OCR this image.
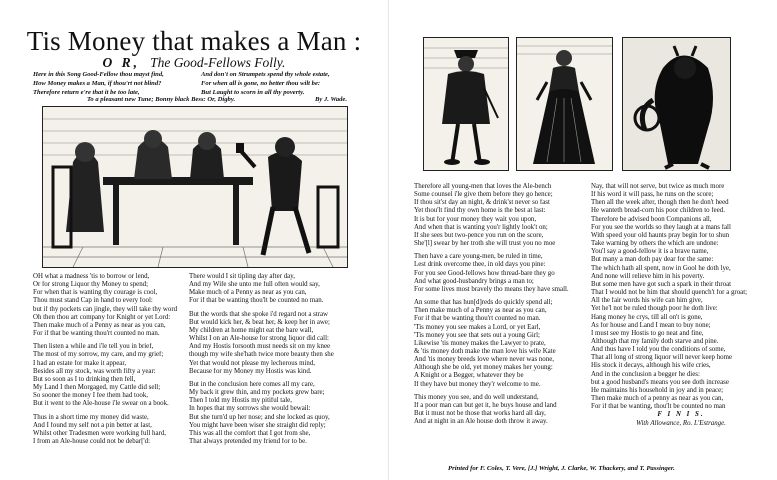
Tis Money that makes a Man :
O R, The Good-Fellows Folly.
Here in this Song Good-Fellow thou mayst find,
How Money makes a Man, if thou'rt not blind?
Therefore return e're that it be too late,
And don't on Strumpets spend thy whole estate,
For when all is gone, no better thou wilt be:
But Laught to scorn in all thy poverty.
To a pleasant new Tune; Bonny black Bess: Or, Digby.	By J. Wade.
OH what a madness 'tis to borrow or lend,
Or for strong Liquor thy Money to spend;
For when that is wanting thy courage is cool,
Thou must stand Cap in hand to every fool:
but if thy pockets can jingle, they will take thy word
Oh then thou art company for Knight or yet Lord:
Then make much of a Penny as near as you can,
For if that be wanting thou'rt counted no man.
Then listen a while and i'le tell you in brief,
The most of my sorrow, my care, and my grief;
I had an estate for make it appear,
Besides all my stock, was worth fifty a year:
But so soon as I to drinking then fell,
My Land I then Morgaged, my Cattle did sell;
So sooner the money I fee them had took,
But it went to the Ale-house i'le swear on a book.
Thus in a short time my money did waste,
And I found my self not a pin better at last,
Whilst other Tradesmen were working full hard,
I from an Ale-house could not be debar['d:
There would I sit tipling day after day,
And my Wife she unto me full often would say,
Make much of a Penny as near as you can,
For if that be wanting thou'lt be counted no man.
But the words that she spoke i'd regard not a straw
But would kick her, & beat her, & keep her in awe;
My children at home might eat the bare wall,
Whilst I on an Ale-house for strong liquor did call:
And my Hostis forsooth must needs sit on my knee
though my wife she'hath twice more beauty then she
Yet that would not please my lecherous mind,
Because for my Money my Hostis was kind.
But in the conclusion here comes all my care,
My back it grew thin, and my pockets grew bare;
Then I told my Hostis my pitiful tale,
In hopes that my sorrows she would bewail:
But she turn'd up her nose; and she locked as quoy,
You might have been wiser she straight did reply;
This was all the comfort that I got from she,
That always pretended my friend for to be.
Therefore all young-men that loves the Ale-bench
Some counsel i'le give them before they go hence;
If thou sit'st day an night, & drink'st never so fast
Yet thou'lt find thy own home is the best at last:
It is but for your money they wait you upon,
And when that is wanting you'r lightly look't on;
If she sees but two-pence you run on the score,
She'[l] swear by her troth she will trust you no moe
Then have a care young-men, be ruled in time,
Lest drink overcome thee, in old days you pine:
For you see Good-fellows how thread-bare they go
And what good-husbandry brings a man to;
For some lives most bravely tho means they have small.
An some that has hun[d]reds do quickly spend all;
Then make much of a Penny as near as you can,
For if that be wanting thou'rt counted no man.
'Tis money you see makes a Lord, or yet Earl,
'Tis money you see that sets out a young Girl;
Likewise 'tis money makes the Lawyer to prate,
& 'tis money doth make the man love his wife Kate
And 'tis money breeds love where never was none,
Although she be old, yet money makes her young:
A Knight or a Begger, whatever they be
If they have but money they'r welcome to me.
This money you see, and do well understand,
If a poor man can but get it, he buys house and land
But it must not be those that works hard all day,
And at night in an Ale house doth throw it away.
Nay, that will not serve, but twice as much more
If his word it will pass, he runs on the score;
Then all the week after, though then he don't heed
He wanteth bread-corn his poor children to feed.
Therefore be advised boon Companions all,
For you see the worlds so they laugh at a mans fall
With speed your old haunts pray begin for to shun
Take warning by others the which are undone:
You'l say a good-fellow it is a brave name,
But many a man doth pay dear for the same:
The which hath all spent, now in Gool he doth lye,
And none will relieve him in his poverty.
But some men have got such a spark in their throat
That I would not be him that should quench't for a groat;
All the fair words his wife can him give,
Yet he'l not be ruled though poor he doth live:
Hang money he crys, till all on't is gone,
As for house and Land I mean to buy none;
I must see my Hostis to go neat and fine,
Although that my family doth starve and pine.
And thus have I told you the conditions of some,
That all long of strong liquor will never keep home
His stock it decays, although his wife cries,
And in the conclusion a begger he dies:
but a good husband's means you see doth increase
He maintains his household in joy and in peace;
Then make much of a penny as near as you can,
For if that be wanting, thou'lt be counted no man
F I N I S.
With Allowance, Ro. L'Estrange.
Printed for F. Coles, T. Vere, [J.] Wright, J. Clarke, W. Thackery, and T. Passinger.
